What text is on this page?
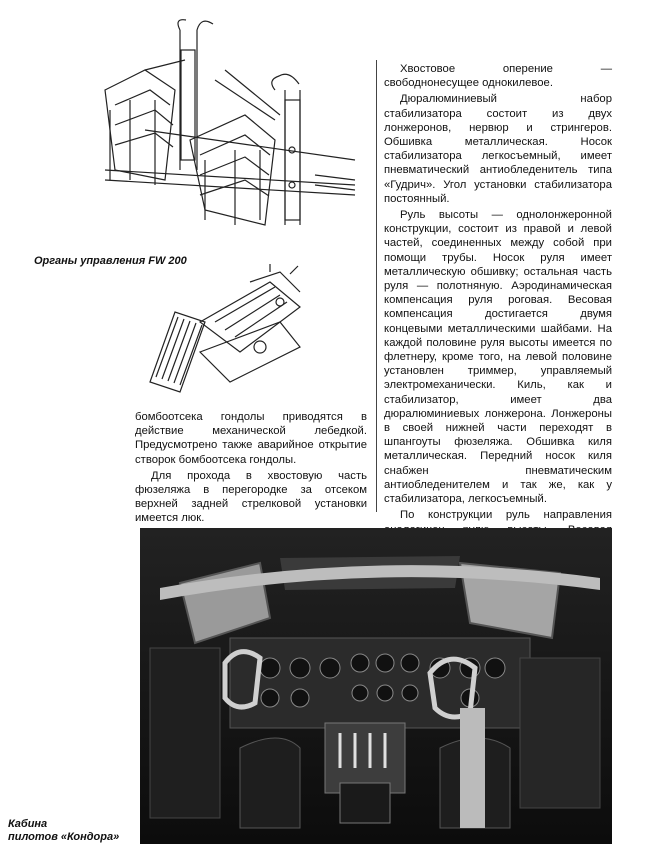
Органы управления FW 200

бомбоотсека гондолы приводятся в действие механической лебедкой. Предусмотрено также аварийное открытие створок бомбоотсека гондолы.

Для прохода в хвостовую часть фюзеляжа в перегородке за отсеком верхней задней стрелковой установки имеется люк.

Хвостовое оперение — свободнонесущее однокилевое.

Дюралюминиевый набор стабилизатора состоит из двух лонжеронов, нервюр и стрингеров. Обшивка металлическая. Носок стабилизатора легкосъемный, имеет пневматический антиобледенитель типа «Гудрич». Угол установки стабилизатора постоянный.

Руль высоты — однолонжеронной конструкции, состоит из правой и левой частей, соединенных между собой при помощи трубы. Носок руля имеет металлическую обшивку; остальная часть руля — полотняную. Аэродинамическая компенсация руля роговая. Весовая компенсация достигается двумя концевыми металлическими шайбами. На каждой половине руля высоты имеется по флетнеру, кроме того, на левой половине установлен триммер, управляемый электромеханически. Киль, как и стабилизатор, имеет два дюралюминиевых лонжерона. Лонжероны в своей нижней части переходят в шпангоуты фюзеляжа. Обшивка киля металлическая. Передний носок киля снабжен пневматическим антиобледенителем и так же, как у стабилизатора, легкосъемный.

По конструкции руль направления

Кабина
пилотов «Кондора»
